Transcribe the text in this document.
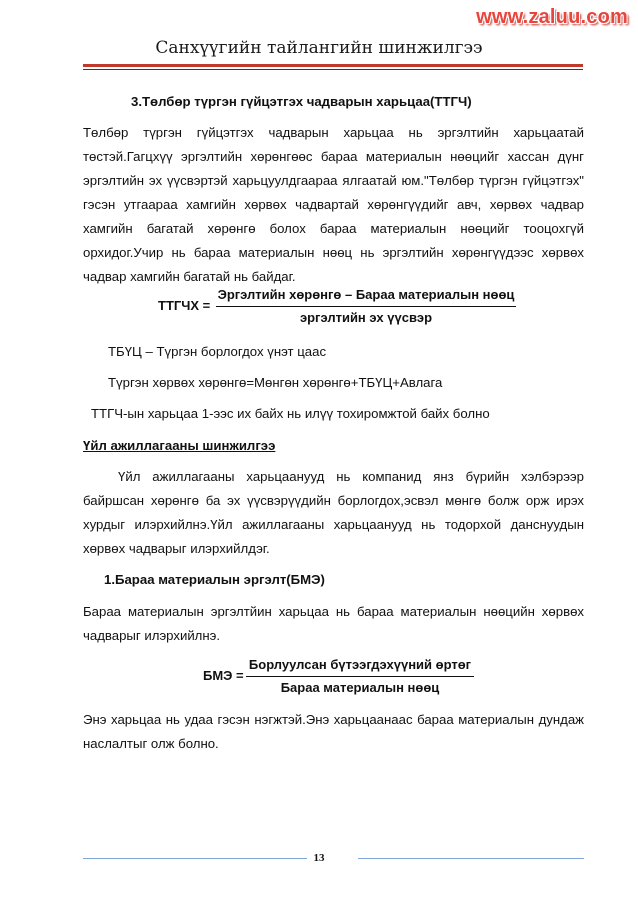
www.zaluu.com
Санхүүгийн тайлангийн шинжилгээ
3.Төлбөр түргэн гүйцэтгэх чадварын харьцаа(ТТГЧ)
Төлбөр түргэн гүйцэтгэх чадварын харьцаа нь эргэлтийн харьцаатай
төстэй.Гагцхүү эргэлтийн хөрөнгөөс бараа материалын нөөцийг хассан дүнг
эргэлтийн эх үүсвэртэй харьцуулдгаараа ялгаатай юм."Төлбөр түргэн гүйцэтгэх"
гэсэн утгаараа хамгийн хөрвөх чадвартай хөрөнгүүдийг авч, хөрвөх чадвар
хамгийн багатай хөрөнгө болох бараа материалын нөөцийг тооцохгүй
орхидог.Учир нь бараа материалын нөөц нь эргэлтийн хөрөнгүүдээс хөрвөх
чадвар хамгийн багатай нь байдаг.
ТТГЧХ =
Эргэлтийн хөрөнгө – Бараа материалын нөөц
эргэлтийн эх үүсвэр
ТБҮЦ – Түргэн борлогдох үнэт цаас
Түргэн хөрвөх хөрөнгө=Мөнгөн хөрөнгө+ТБҮЦ+Авлага
ТТГЧ-ын харьцаа 1-ээс их байх нь илүү тохиромжтой байх болно
Үйл ажиллагааны шинжилгээ
Үйл ажиллагааны харьцаанууд нь компанид янз бүрийн хэлбэрээр
байршсан хөрөнгө ба эх үүсвэрүүдийн борлогдох,эсвэл мөнгө болж орж ирэх
хурдыг илэрхийлнэ.Үйл ажиллагааны харьцаанууд нь тодорхой данснуудын
хөрвөх чадварыг илэрхийлдэг.
1.Бараа материалын эргэлт(БМЭ)
Бараа материалын эргэлтйин харьцаа нь бараа материалын нөөцийн хөрвөх
чадварыг илэрхийлнэ.
БМЭ =
Борлуулсан бүтээгдэхүүний өртөг
Бараа материалын нөөц
Энэ харьцаа нь удаа гэсэн нэгжтэй.Энэ харьцаанаас бараа материалын дундаж
наслалтыг олж болно.
13
